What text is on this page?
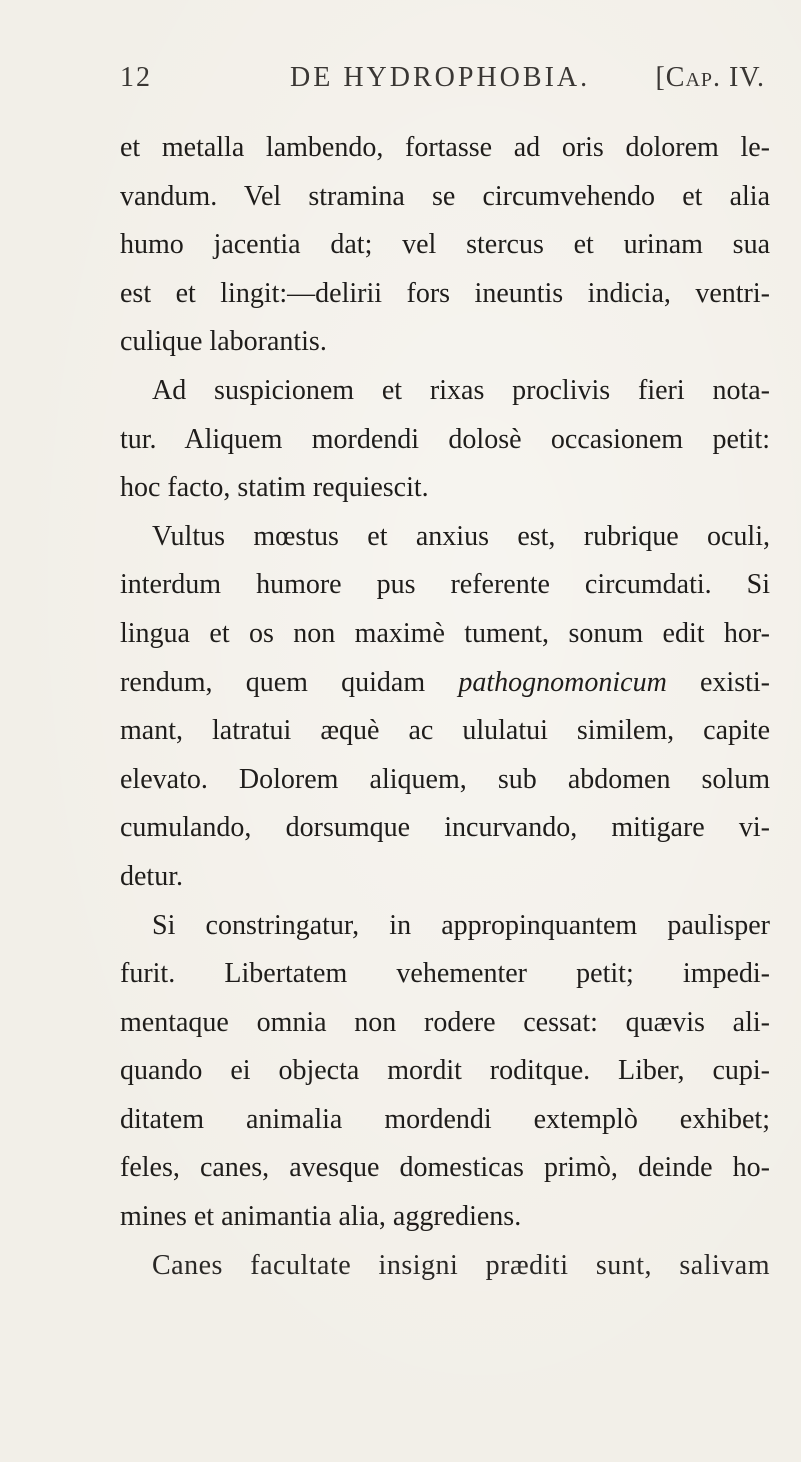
12	DE HYDROPHOBIA. [Cap. IV.
et metalla lambendo, fortasse ad oris dolorem le-
vandum. Vel stramina se circumvehendo et alia
humo jacentia dat; vel stercus et urinam sua
est et lingit:—delirii fors ineuntis indicia, ventri-
culique laborantis.
Ad suspicionem et rixas proclivis fieri nota-
tur. Aliquem mordendi dolosè occasionem petit:
hoc facto, statim requiescit.
Vultus mœstus et anxius est, rubrique oculi,
interdum humore pus referente circumdati. Si
lingua et os non maximè tument, sonum edit hor-
rendum, quem quidam pathognomonicum existi-
mant, latratui æquè ac ululatui similem, capite
elevato. Dolorem aliquem, sub abdomen solum
cumulando, dorsumque incurvando, mitigare vi-
detur.
Si constringatur, in appropinquantem paulisper
furit. Libertatem vehementer petit; impedi-
mentaque omnia non rodere cessat: quævis ali-
quando ei objecta mordit roditque. Liber, cupi-
ditatem animalia mordendi extemplò exhibet;
feles, canes, avesque domesticas primò, deinde ho-
mines et animantia alia, aggrediens.
Canes facultate insigni præditi sunt, salivam
